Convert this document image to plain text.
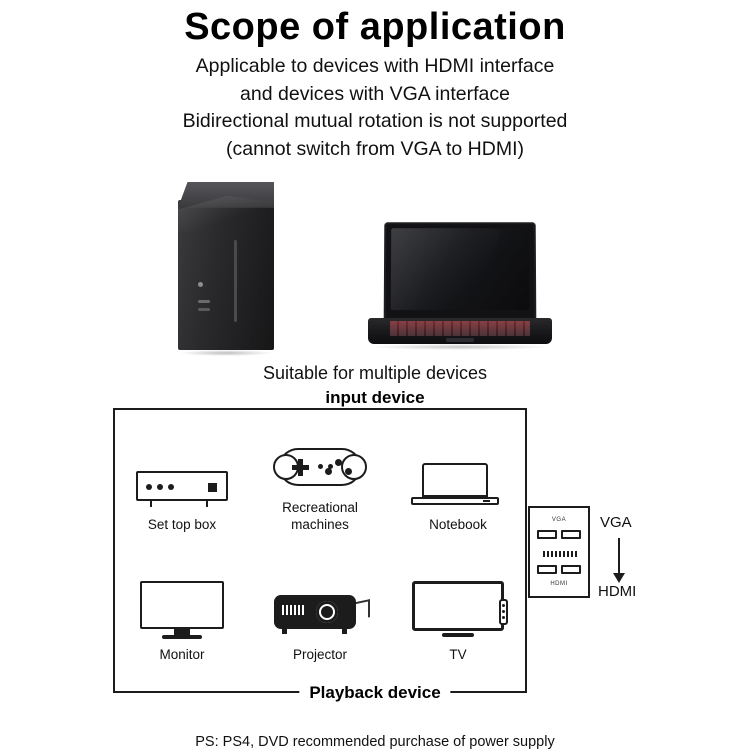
Scope of application
Applicable to devices with HDMI interface
and devices with VGA interface
Bidirectional mutual rotation is not supported
(cannot switch from VGA to HDMI)
Suitable for multiple devices
input device
Playback device
Set top box
Recreational
machines	Notebook
Monitor	Projector	TV
VGA
HDMI
VGA
HDMI
PS: PS4, DVD recommended purchase of power supply
